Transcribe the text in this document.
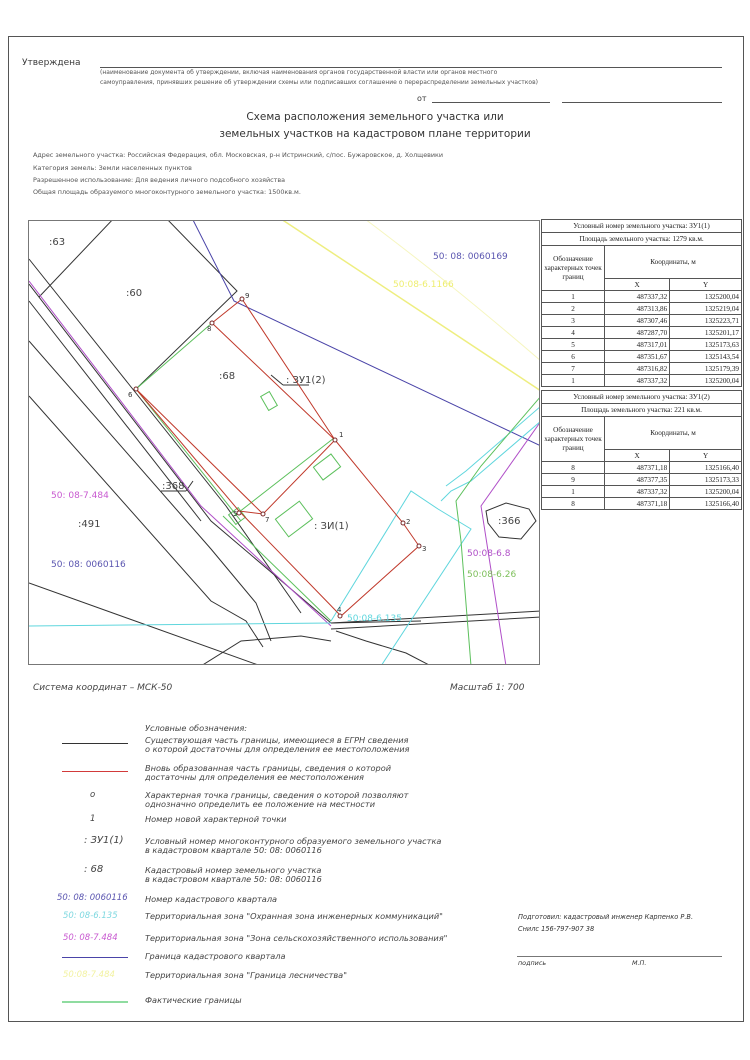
Утверждена
(наименование документа об утверждении, включая наименования органов государственной власти или органов местного
самоуправления, принявших решение об утверждении схемы или подписавших соглашение о перераспределении земельных участков)
от
Схема расположения земельного участка или
земельных участков на кадастровом плане территории
Адрес земельного участка: Российская Федерация, обл. Московская, р-н Истринский, с/пос. Бужаровское, д. Холщевики
Категория земель: Земли населенных пунктов
Разрешенное использование: Для ведения личного подсобного хозяйства
Общая площадь образуемого многоконтурного земельного участка: 1500кв.м.
1
2
3
4
5
6
7
8
9
:63
:60
:68
:368
:491	:366
: ЗИ(1)
: ЗУ1(2)
50: 08: 0060169
50:08-6.1166
50: 08-7.484
50: 08: 0060116
50:08-6.8
50:08-6.26
50:08-6.135
Условный номер земельного участка: ЗУ1(1)		
Площадь земельного участка: 1279 кв.м.		
Обозначение характерных точек границ	Координаты, м	
	X	Y
1	487337,32	1325200,04
2	487313,86	1325219,04
3	487307,46	1325223,71
4	487287,70	1325201,17
5	487317,01	1325173,63
6	487351,67	1325143,54
7	487316,82	1325179,39
1	487337,32	1325200,04
Условный номер земельного участка: ЗУ1(2)		
Площадь земельного участка: 221 кв.м.		
Обозначение характерных точек границ	Координаты, м	
	X	Y
8	487371,18	1325166,40
9	487377,35	1325173,33
1	487337,32	1325200,04
8	487371,18	1325166,40
Система координат – МСК-50	Масштаб 1: 700
Условные обозначения:
Существующая часть границы, имеющиеся в ЕГРН сведения
о которой достаточны для определения ее местоположения
Вновь образованная часть границы, сведения о которой
достаточны для определения ее местоположения
o	Характерная точка границы, сведения о которой позволяют
однозначно определить ее положение на местности
1	Номер новой характерной точки
: ЗУ1(1)	Условный номер многоконтурного образуемого земельного участка
в кадастровом квартале 50: 08: 0060116
: 68	Кадастровый номер земельного участка
в кадастровом квартале 50: 08: 0060116
50: 08: 0060116 Номер кадастрового квартала
50: 08-6.135	Территориальная зона "Охранная зона инженерных коммуникаций"
50: 08-7.484	Территориальная зона "Зона сельскохозяйственного использования"
Граница кадастрового квартала
50:08-7.484	Территориальная зона "Граница лесничества"
Фактические границы
Подготовил: кадастровый инженер Карпенко Р.В.
Снилс 156-797-907 38
подпись	М.П.
